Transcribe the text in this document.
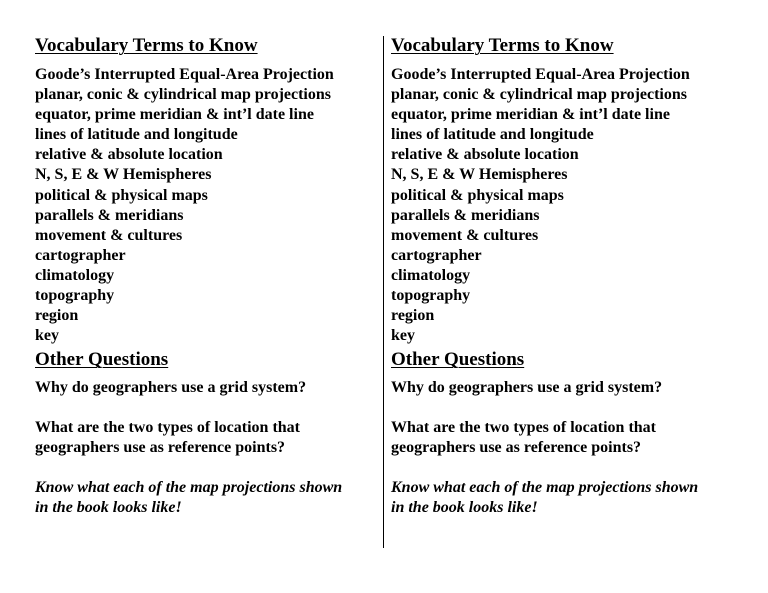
Vocabulary Terms to Know
Goode’s Interrupted Equal-Area Projection
planar, conic & cylindrical map projections
equator, prime meridian & int’l date line
lines of latitude and longitude
relative & absolute location
N, S, E & W Hemispheres
political & physical maps
parallels & meridians
movement & cultures
cartographer
climatology
topography
region
key
Other Questions
Why do geographers use a grid system?
What are the two types of location that
geographers use as reference points?
Know what each of the map projections shown
in the book looks like!
Vocabulary Terms to Know
Goode’s Interrupted Equal-Area Projection
planar, conic & cylindrical map projections
equator, prime meridian & int’l date line
lines of latitude and longitude
relative & absolute location
N, S, E & W Hemispheres
political & physical maps
parallels & meridians
movement & cultures
cartographer
climatology
topography
region
key
Other Questions
Why do geographers use a grid system?
What are the two types of location that
geographers use as reference points?
Know what each of the map projections shown
in the book looks like!
